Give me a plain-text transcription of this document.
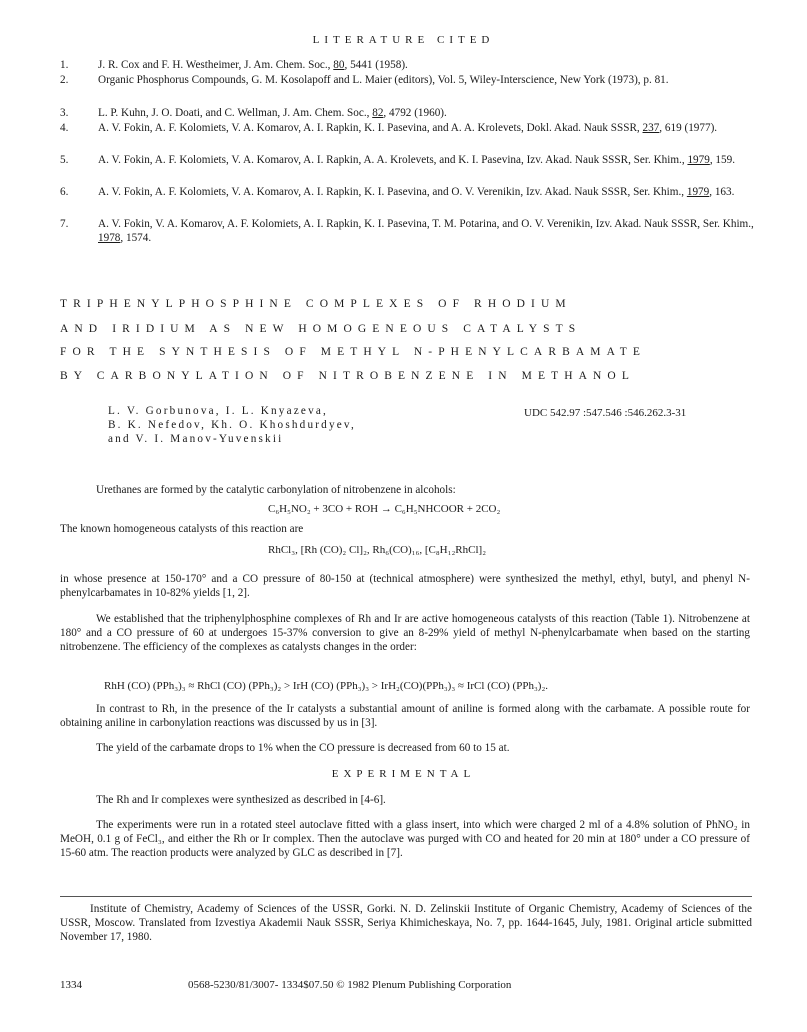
LITERATURE CITED
1.	J. R. Cox and F. H. Westheimer, J. Am. Chem. Soc., 80, 5441 (1958).
2.	Organic Phosphorus Compounds, G. M. Kosolapoff and L. Maier (editors), Vol. 5, Wiley-Interscience, New York (1973), p. 81.
3.	L. P. Kuhn, J. O. Doati, and C. Wellman, J. Am. Chem. Soc., 82, 4792 (1960).
4.	A. V. Fokin, A. F. Kolomiets, V. A. Komarov, A. I. Rapkin, K. I. Pasevina, and A. A. Krolevets, Dokl. Akad. Nauk SSSR, 237, 619 (1977).
5.	A. V. Fokin, A. F. Kolomiets, V. A. Komarov, A. I. Rapkin, A. A. Krolevets, and K. I. Pasevina, Izv. Akad. Nauk SSSR, Ser. Khim., 1979, 159.
6.	A. V. Fokin, A. F. Kolomiets, V. A. Komarov, A. I. Rapkin, K. I. Pasevina, and O. V. Verenikin, Izv. Akad. Nauk SSSR, Ser. Khim., 1979, 163.
7.	A. V. Fokin, V. A. Komarov, A. F. Kolomiets, A. I. Rapkin, K. I. Pasevina, T. M. Potarina, and O. V. Verenikin, Izv. Akad. Nauk SSSR, Ser. Khim., 1978, 1574.
TRIPHENYLPHOSPHINE COMPLEXES OF RHODIUM
AND IRIDIUM AS NEW HOMOGENEOUS CATALYSTS
FOR THE SYNTHESIS OF METHYL N-PHENYLCARBAMATE
BY CARBONYLATION OF NITROBENZENE IN METHANOL
L. V. Gorbunova, I. L. Knyazeva,
B. K. Nefedov, Kh. O. Khoshdurdyev,
and V. I. Manov-Yuvenskii
UDC 542.97 :547.546 :546.262.3-31
Urethanes are formed by the catalytic carbonylation of nitrobenzene in alcohols:
C₆H₅NO₂ + 3CO + ROH → C₆H₅NHCOOR + 2CO₂
The known homogeneous catalysts of this reaction are
RhCl₃, [Rh (CO)₂ Cl]₂, Rh₆(CO)₁₆, [C₈H₁₂RhCl]₂
in whose presence at 150-170° and a CO pressure of 80-150 at (technical atmosphere) were synthesized the methyl, ethyl, butyl, and phenyl N-phenylcarbamates in 10-82% yields [1, 2].
We established that the triphenylphosphine complexes of Rh and Ir are active homogeneous catalysts of this reaction (Table 1). Nitrobenzene at 180° and a CO pressure of 60 at undergoes 15-37% conversion to give an 8-29% yield of methyl N-phenylcarbamate when based on the starting nitrobenzene. The efficiency of the complexes as catalysts changes in the order:
RhH (CO) (PPh₃)₃ ≈ RhCl (CO) (PPh₃)₂ > IrH (CO) (PPh₃)₃ > IrH₂(CO)(PPh₃)₃ ≈ IrCl (CO) (PPh₃)₂.
In contrast to Rh, in the presence of the Ir catalysts a substantial amount of aniline is formed along with the carbamate. A possible route for obtaining aniline in carbonylation reactions was discussed by us in [3].
The yield of the carbamate drops to 1% when the CO pressure is decreased from 60 to 15 at.
EXPERIMENTAL
The Rh and Ir complexes were synthesized as described in [4-6].
The experiments were run in a rotated steel autoclave fitted with a glass insert, into which were charged 2 ml of a 4.8% solution of PhNO₂ in MeOH, 0.1 g of FeCl₃, and either the Rh or Ir complex. Then the autoclave was purged with CO and heated for 20 min at 180° under a CO pressure of 15-60 atm. The reaction products were analyzed by GLC as described in [7].
Institute of Chemistry, Academy of Sciences of the USSR, Gorki. N. D. Zelinskii Institute of Organic Chemistry, Academy of Sciences of the USSR, Moscow. Translated from Izvestiya Akademii Nauk SSSR, Seriya Khimicheskaya, No. 7, pp. 1644-1645, July, 1981. Original article submitted November 17, 1980.
1334	0568-5230/81/3007- 1334$07.50 © 1982 Plenum Publishing Corporation
